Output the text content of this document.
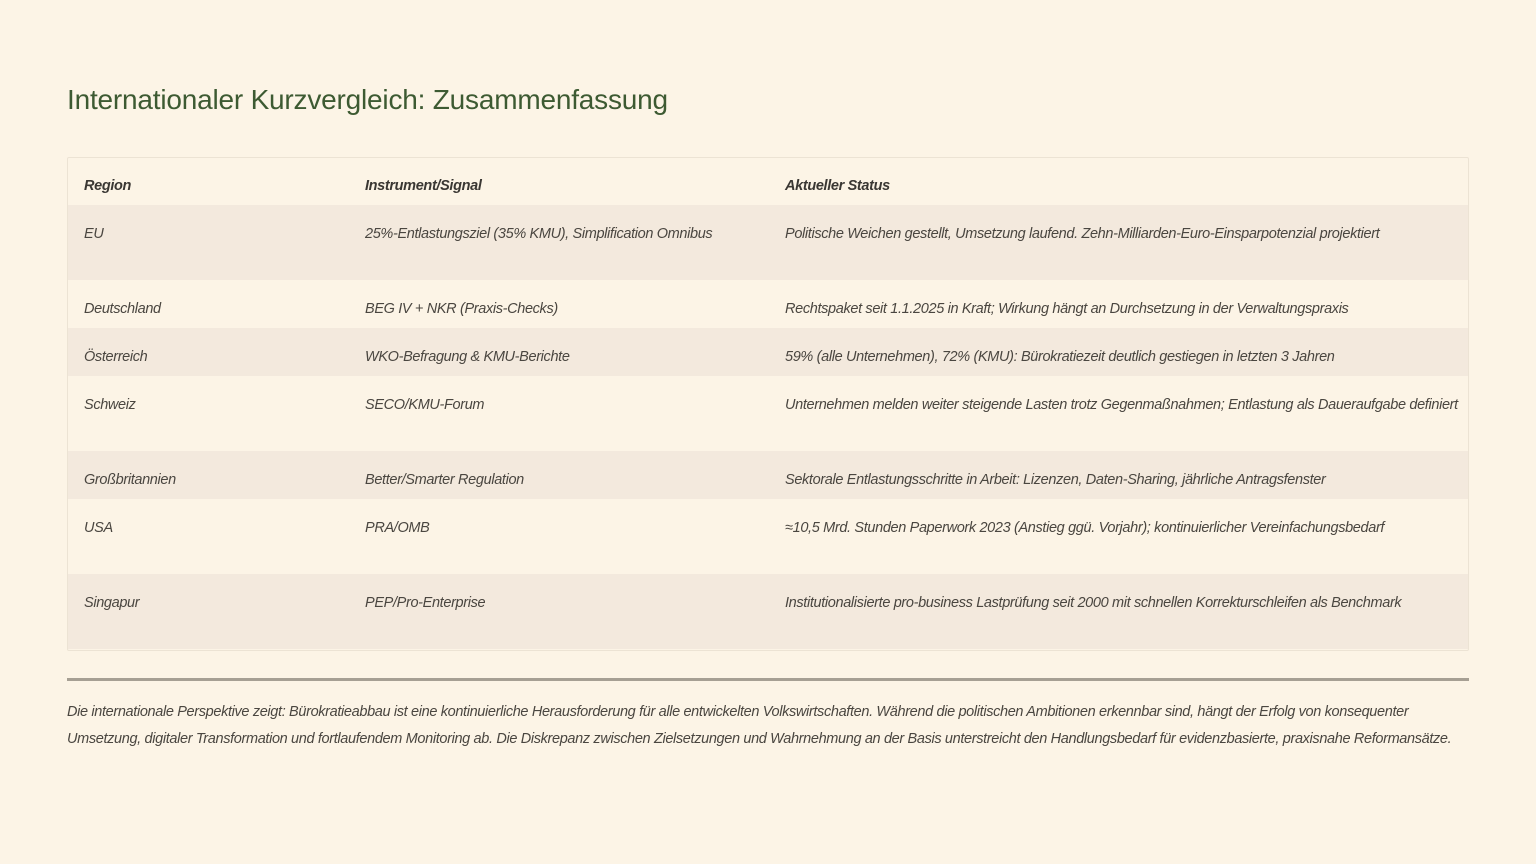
Internationaler Kurzvergleich: Zusammenfassung
Region	Instrument/Signal	Aktueller Status
EU	25%-Entlastungsziel (35% KMU), Simplification Omnibus	Politische Weichen gestellt, Umsetzung laufend. Zehn-Milliarden-Euro-Einsparpotenzial projektiert
Deutschland	BEG IV + NKR (Praxis-Checks)	Rechtspaket seit 1.1.2025 in Kraft; Wirkung hängt an Durchsetzung in der Verwaltungspraxis
Österreich	WKO-Befragung & KMU-Berichte	59% (alle Unternehmen), 72% (KMU): Bürokratiezeit deutlich gestiegen in letzten 3 Jahren
Schweiz	SECO/KMU-Forum	Unternehmen melden weiter steigende Lasten trotz Gegenmaßnahmen; Entlastung als Daueraufgabe definiert
Großbritannien	Better/Smarter Regulation	Sektorale Entlastungsschritte in Arbeit: Lizenzen, Daten-Sharing, jährliche Antragsfenster
USA	PRA/OMB	≈10,5 Mrd. Stunden Paperwork 2023 (Anstieg ggü. Vorjahr); kontinuierlicher Vereinfachungsbedarf
Singapur	PEP/Pro-Enterprise	Institutionalisierte pro-business Lastprüfung seit 2000 mit schnellen Korrekturschleifen als Benchmark

Die internationale Perspektive zeigt: Bürokratieabbau ist eine kontinuierliche Herausforderung für alle entwickelten Volkswirtschaften. Während die politischen Ambitionen erkennbar sind, hängt der Erfolg von konsequenter Umsetzung, digitaler Transformation und fortlaufendem Monitoring ab. Die Diskrepanz zwischen Zielsetzungen und Wahrnehmung an der Basis unterstreicht den Handlungsbedarf für evidenzbasierte, praxisnahe Reformansätze.
